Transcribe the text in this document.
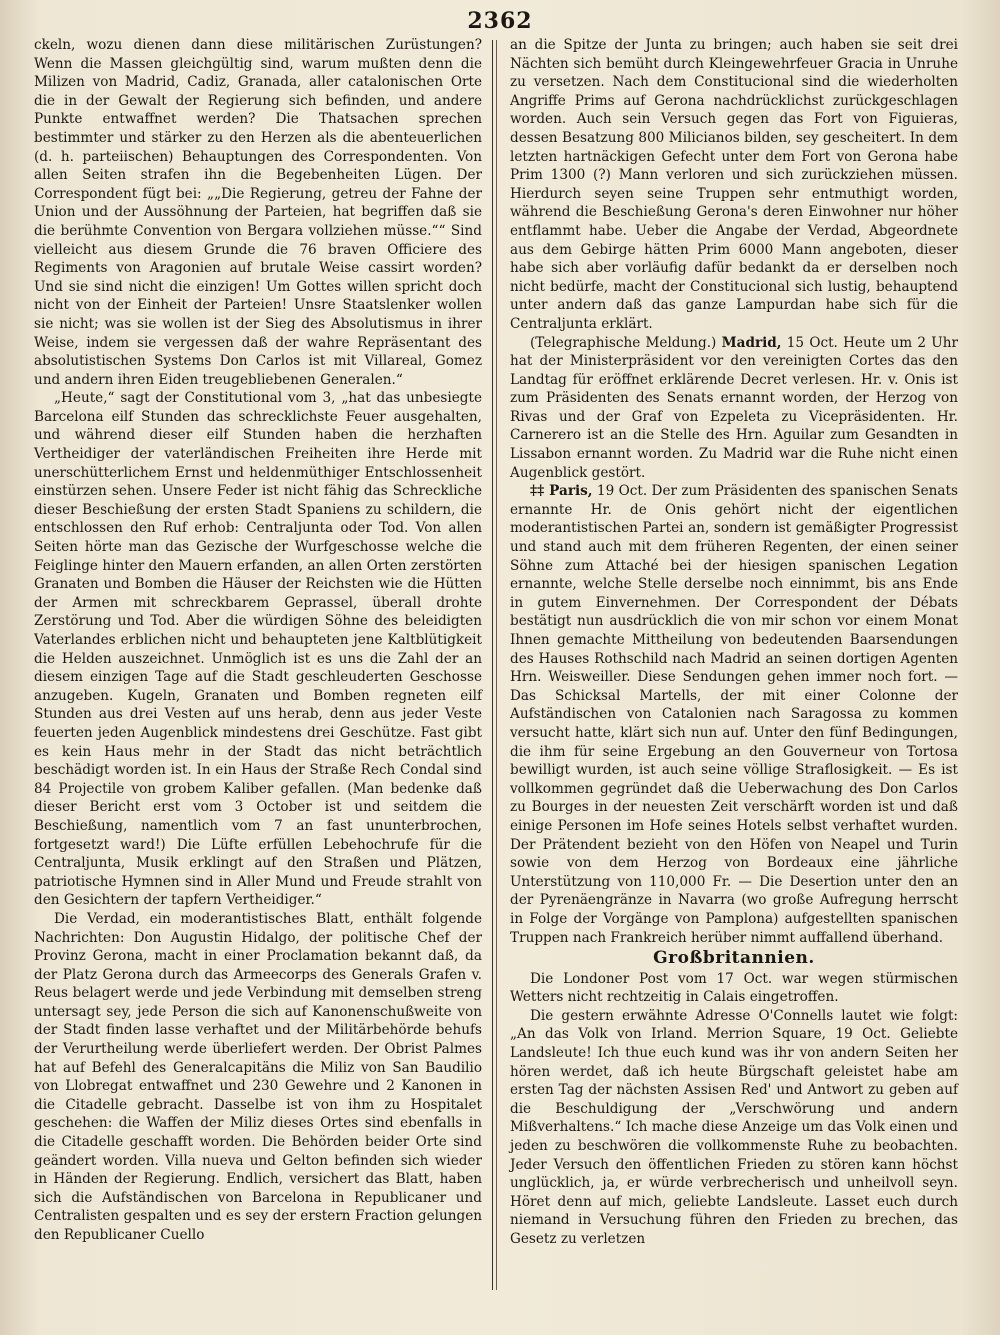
2362

ckeln, wozu dienen dann diese militärischen Zurüstungen? Wenn die Massen gleichgültig sind, warum mußten denn die Milizen von Madrid, Cadiz, Granada, aller catalonischen Orte die in der Gewalt der Regierung sich befinden, und andere Punkte entwaffnet werden? Die Thatsachen sprechen bestimmter und stärker zu den Herzen als die abenteuerlichen (d. h. parteiischen) Behauptungen des Correspondenten. Von allen Seiten strafen ihn die Begebenheiten Lügen. Der Correspondent fügt bei: „„Die Regierung, getreu der Fahne der Union und der Aussöhnung der Parteien, hat begriffen daß sie die berühmte Convention von Bergara vollziehen müsse.““ Sind vielleicht aus diesem Grunde die 76 braven Officiere des Regiments von Aragonien auf brutale Weise cassirt worden? Und sie sind nicht die einzigen! Um Gottes willen spricht doch nicht von der Einheit der Parteien! Unsre Staatslenker wollen sie nicht; was sie wollen ist der Sieg des Absolutismus in ihrer Weise, indem sie vergessen daß der wahre Repräsentant des absolutistischen Systems Don Carlos ist mit Villareal, Gomez und andern ihren Eiden treugebliebenen Generalen.“

„Heute,“ sagt der Constitutional vom 3, „hat das unbesiegte Barcelona eilf Stunden das schrecklichste Feuer ausgehalten, und während dieser eilf Stunden haben die herzhaften Vertheidiger der vaterländischen Freiheiten ihre Herde mit unerschütterlichem Ernst und heldenmüthiger Entschlossenheit einstürzen sehen. Unsere Feder ist nicht fähig das Schreckliche dieser Beschießung der ersten Stadt Spaniens zu schildern, die entschlossen den Ruf erhob: Centraljunta oder Tod. Von allen Seiten hörte man das Gezische der Wurfgeschosse welche die Feiglinge hinter den Mauern erfanden, an allen Orten zerstörten Granaten und Bomben die Häuser der Reichsten wie die Hütten der Armen mit schreckbarem Geprassel, überall drohte Zerstörung und Tod. Aber die würdigen Söhne des beleidigten Vaterlandes erblichen nicht und behaupteten jene Kaltblütigkeit die Helden auszeichnet. Unmöglich ist es uns die Zahl der an diesem einzigen Tage auf die Stadt geschleuderten Geschosse anzugeben. Kugeln, Granaten und Bomben regneten eilf Stunden aus drei Vesten auf uns herab, denn aus jeder Veste feuerten jeden Augenblick mindestens drei Geschütze. Fast gibt es kein Haus mehr in der Stadt das nicht beträchtlich beschädigt worden ist. In ein Haus der Straße Rech Condal sind 84 Projectile von grobem Kaliber gefallen. (Man bedenke daß dieser Bericht erst vom 3 October ist und seitdem die Beschießung, namentlich vom 7 an fast ununterbrochen, fortgesetzt ward!) Die Lüfte erfüllen Lebehochrufe für die Centraljunta, Musik erklingt auf den Straßen und Plätzen, patriotische Hymnen sind in Aller Mund und Freude strahlt von den Gesichtern der tapfern Vertheidiger.“

Die Verdad, ein moderantistisches Blatt, enthält folgende Nachrichten: Don Augustin Hidalgo, der politische Chef der Provinz Gerona, macht in einer Proclamation bekannt daß, da der Platz Gerona durch das Armeecorps des Generals Grafen v. Reus belagert werde und jede Verbindung mit demselben streng untersagt sey, jede Person die sich auf Kanonenschußweite von der Stadt finden lasse verhaftet und der Militärbehörde behufs der Verurtheilung werde überliefert werden. Der Obrist Palmes hat auf Befehl des Generalcapitäns die Miliz von San Baudilio von Llobregat entwaffnet und 230 Gewehre und 2 Kanonen in die Citadelle gebracht. Dasselbe ist von ihm zu Hospitalet geschehen: die Waffen der Miliz dieses Ortes sind ebenfalls in die Citadelle geschafft worden. Die Behörden beider Orte sind geändert worden. Villa nueva und Gelton befinden sich wieder in Händen der Regierung. Endlich, versichert das Blatt, haben sich die Aufständischen von Barcelona in Republicaner und Centralisten gespalten und es sey der erstern Fraction gelungen den Republicaner Cuello

an die Spitze der Junta zu bringen; auch haben sie seit drei Nächten sich bemüht durch Kleingewehrfeuer Gracia in Unruhe zu versetzen. Nach dem Constitucional sind die wiederholten Angriffe Prims auf Gerona nachdrücklichst zurückgeschlagen worden. Auch sein Versuch gegen das Fort von Figuieras, dessen Besatzung 800 Milicianos bilden, sey gescheitert. In dem letzten hartnäckigen Gefecht unter dem Fort von Gerona habe Prim 1300 (?) Mann verloren und sich zurückziehen müssen. Hierdurch seyen seine Truppen sehr entmuthigt worden, während die Beschießung Gerona's deren Einwohner nur höher entflammt habe. Ueber die Angabe der Verdad, Abgeordnete aus dem Gebirge hätten Prim 6000 Mann angeboten, dieser habe sich aber vorläufig dafür bedankt da er derselben noch nicht bedürfe, macht der Constitucional sich lustig, behauptend unter andern daß das ganze Lampurdan habe sich für die Centraljunta erklärt.

(Telegraphische Meldung.) Madrid, 15 Oct. Heute um 2 Uhr hat der Ministerpräsident vor den vereinigten Cortes das den Landtag für eröffnet erklärende Decret verlesen. Hr. v. Onis ist zum Präsidenten des Senats ernannt worden, der Herzog von Rivas und der Graf von Ezpeleta zu Vicepräsidenten. Hr. Carnerero ist an die Stelle des Hrn. Aguilar zum Gesandten in Lissabon ernannt worden. Zu Madrid war die Ruhe nicht einen Augenblick gestört.

‡‡ Paris, 19 Oct. Der zum Präsidenten des spanischen Senats ernannte Hr. de Onis gehört nicht der eigentlichen moderantistischen Partei an, sondern ist gemäßigter Progressist und stand auch mit dem früheren Regenten, der einen seiner Söhne zum Attaché bei der hiesigen spanischen Legation ernannte, welche Stelle derselbe noch einnimmt, bis ans Ende in gutem Einvernehmen. Der Correspondent der Débats bestätigt nun ausdrücklich die von mir schon vor einem Monat Ihnen gemachte Mittheilung von bedeutenden Baarsendungen des Hauses Rothschild nach Madrid an seinen dortigen Agenten Hrn. Weisweiller. Diese Sendungen gehen immer noch fort. — Das Schicksal Martells, der mit einer Colonne der Aufständischen von Catalonien nach Saragossa zu kommen versucht hatte, klärt sich nun auf. Unter den fünf Bedingungen, die ihm für seine Ergebung an den Gouverneur von Tortosa bewilligt wurden, ist auch seine völlige Straflosigkeit. — Es ist vollkommen gegründet daß die Ueberwachung des Don Carlos zu Bourges in der neuesten Zeit verschärft worden ist und daß einige Personen im Hofe seines Hotels selbst verhaftet wurden. Der Prätendent bezieht von den Höfen von Neapel und Turin sowie von dem Herzog von Bordeaux eine jährliche Unterstützung von 110,000 Fr. — Die Desertion unter den an der Pyrenäengränze in Navarra (wo große Aufregung herrscht in Folge der Vorgänge von Pamplona) aufgestellten spanischen Truppen nach Frankreich herüber nimmt auffallend überhand.

Großbritannien.

Die Londoner Post vom 17 Oct. war wegen stürmischen Wetters nicht rechtzeitig in Calais eingetroffen.

Die gestern erwähnte Adresse O'Connells lautet wie folgt: „An das Volk von Irland. Merrion Square, 19 Oct. Geliebte Landsleute! Ich thue euch kund was ihr von andern Seiten her hören werdet, daß ich heute Bürgschaft geleistet habe am ersten Tag der nächsten Assisen Red' und Antwort zu geben auf die Beschuldigung der „Verschwörung und andern Mißverhaltens.“ Ich mache diese Anzeige um das Volk einen und jeden zu beschwören die vollkommenste Ruhe zu beobachten. Jeder Versuch den öffentlichen Frieden zu stören kann höchst unglücklich, ja, er würde verbrecherisch und unheilvoll seyn. Höret denn auf mich, geliebte Landsleute. Lasset euch durch niemand in Versuchung führen den Frieden zu brechen, das Gesetz zu verletzen
